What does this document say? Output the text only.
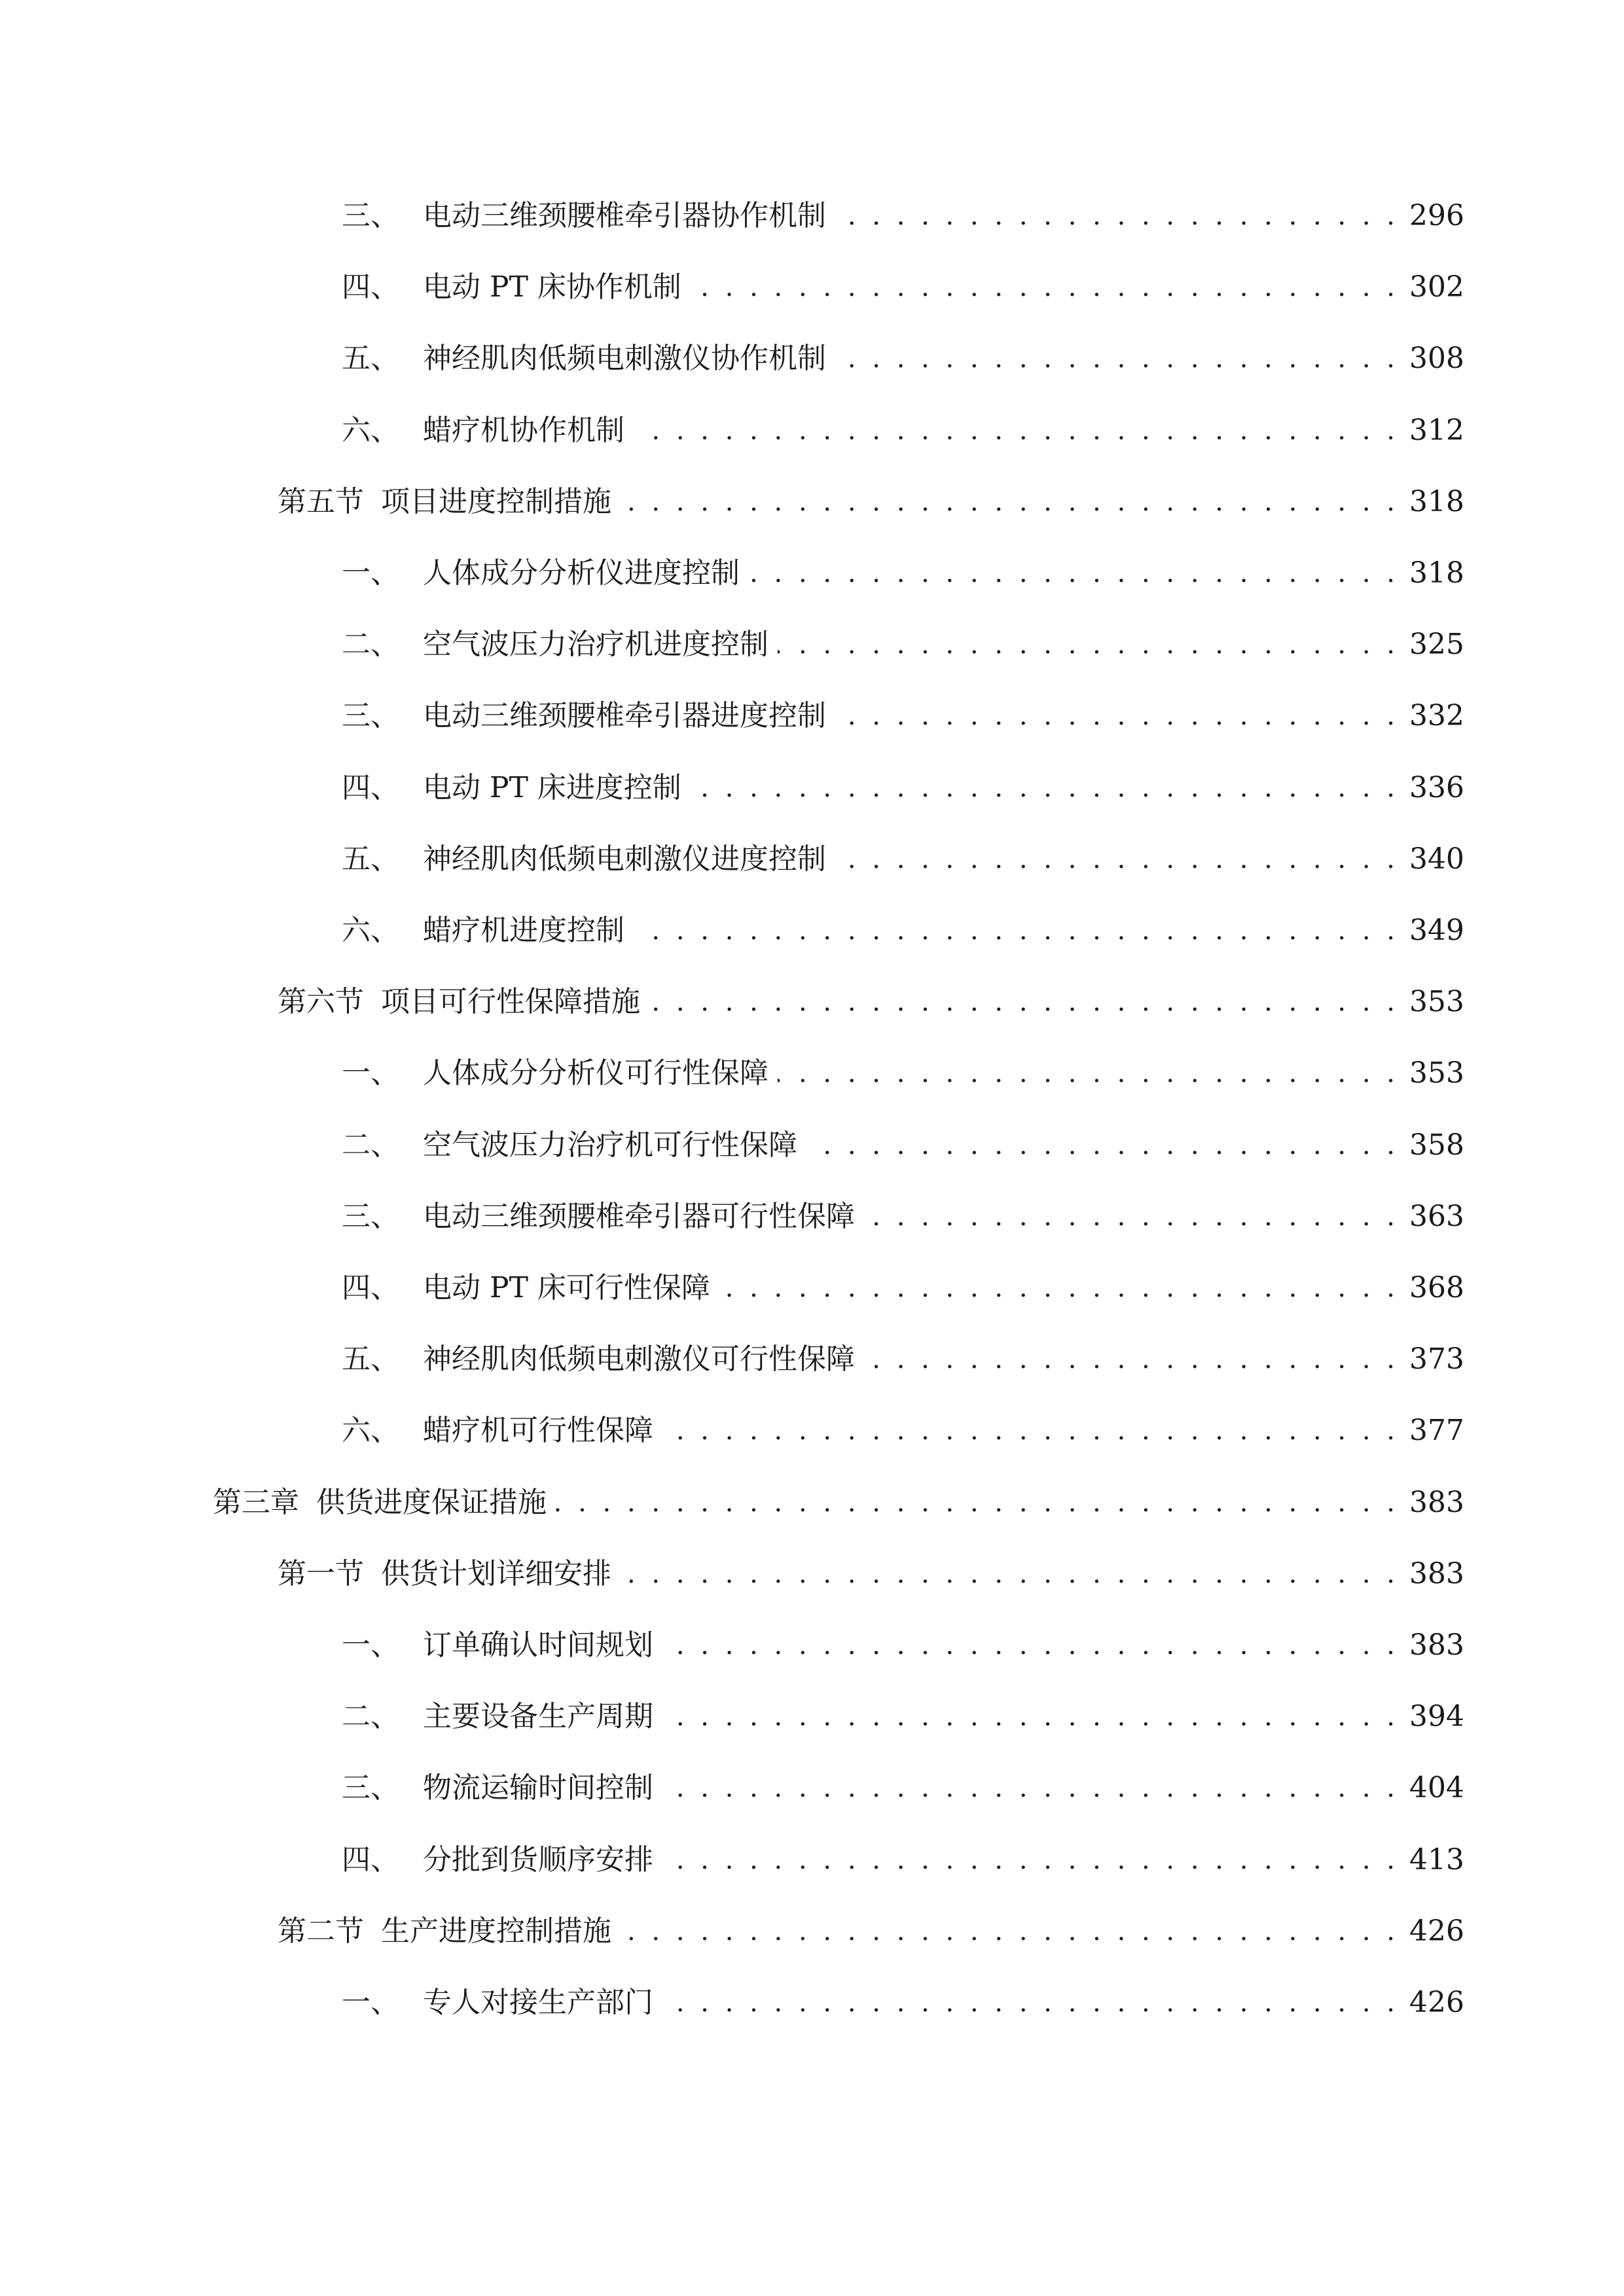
三、 电动三维颈腰椎牵引器协作机制 . . .	296
四、 电动 PT 床协作机制 . . .	302
五、 神经肌肉低频电刺激仪协作机制 . . .	308
六、 蜡疗机协作机制 . . .	312
第五节 项目进度控制措施 . . .	318
一、 人体成分分析仪进度控制 . . .	318
二、 空气波压力治疗机进度控制 . . .	325
三、 电动三维颈腰椎牵引器进度控制 . . .	332
四、 电动 PT 床进度控制 . . .	336
五、 神经肌肉低频电刺激仪进度控制 . . .	340
六、 蜡疗机进度控制 . . .	349
第六节 项目可行性保障措施 . . .	353
一、 人体成分分析仪可行性保障 . . .	353
二、 空气波压力治疗机可行性保障 . . .	358
三、 电动三维颈腰椎牵引器可行性保障 . . .	363
四、 电动 PT 床可行性保障 . . .	368
五、 神经肌肉低频电刺激仪可行性保障 . . .	373
六、 蜡疗机可行性保障 . . .	377
第三章 供货进度保证措施 . . .	383
第一节 供货计划详细安排 . . .	383
一、 订单确认时间规划 . . .	383
二、 主要设备生产周期 . . .	394
三、 物流运输时间控制 . . .	404
四、 分批到货顺序安排 . . .	413
第二节 生产进度控制措施 . . .	426
一、 专人对接生产部门 . . .	426
